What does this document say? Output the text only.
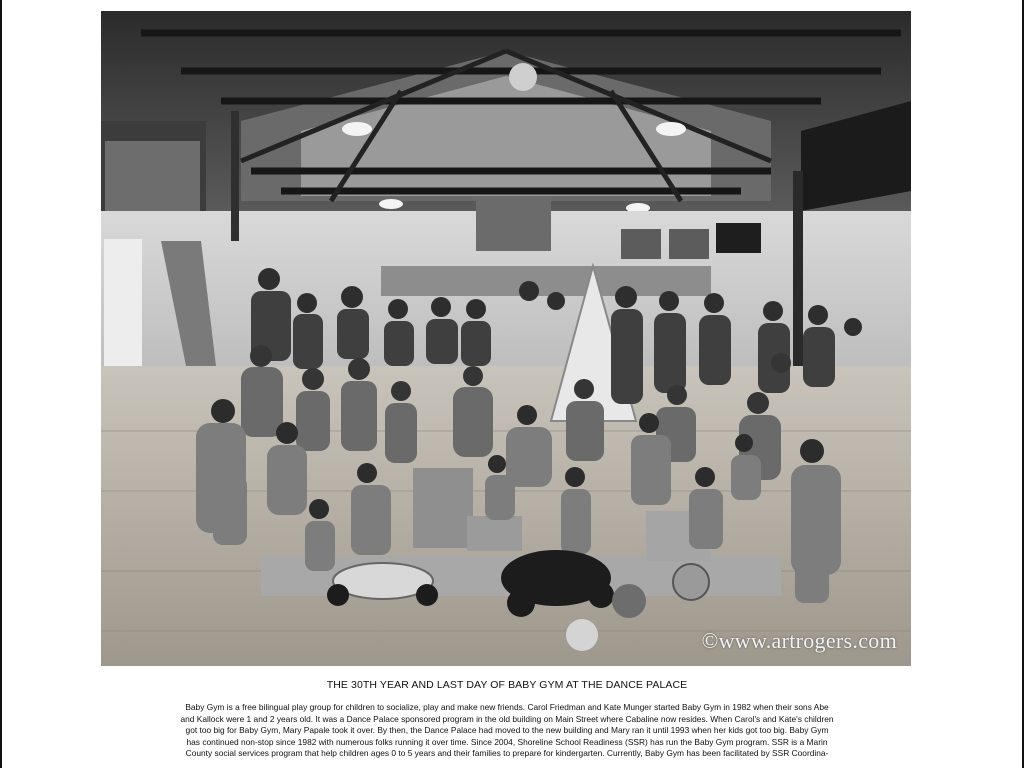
©www.artrogers.com
THE 30TH YEAR AND LAST DAY OF BABY GYM AT THE DANCE PALACE
Baby Gym is a free bilingual play group for children to socialize, play and make new friends. Carol Friedman and Kate Munger started Baby Gym in 1982 when their sons Abe
and Kallock were 1 and 2 years old. It was a Dance Palace sponsored program in the old building on Main Street where Cabaline now resides. When Carol's and Kate's children
got too big for Baby Gym, Mary Papale took it over. By then, the Dance Palace had moved to the new building and Mary ran it until 1993 when her kids got too big. Baby Gym
has continued non-stop since 1982 with numerous folks running it over time. Since 2004, Shoreline School Readiness (SSR) has run the Baby Gym program. SSR is a Marin
County social services program that help children ages 0 to 5 years and their families to prepare for kindergarten. Currently, Baby Gym has been facilitated by SSR Coordina-
